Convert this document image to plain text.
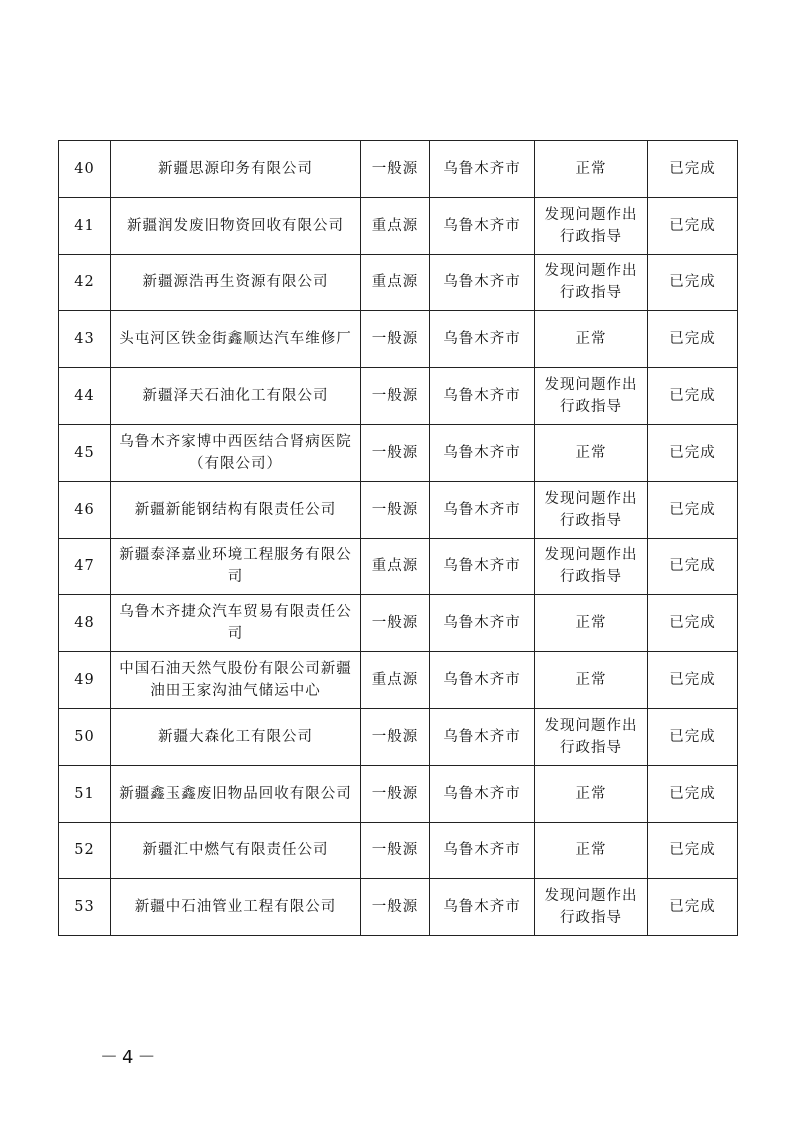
40	新疆思源印务有限公司	一般源	乌鲁木齐市	正常	已完成
41	新疆润发废旧物资回收有限公司	重点源	乌鲁木齐市	发现问题作出行政指导	已完成
42	新疆源浩再生资源有限公司	重点源	乌鲁木齐市	发现问题作出行政指导	已完成
43	头屯河区铁金街鑫顺达汽车维修厂	一般源	乌鲁木齐市	正常	已完成
44	新疆泽天石油化工有限公司	一般源	乌鲁木齐市	发现问题作出行政指导	已完成
45	乌鲁木齐家博中西医结合肾病医院（有限公司）	一般源	乌鲁木齐市	正常	已完成
46	新疆新能钢结构有限责任公司	一般源	乌鲁木齐市	发现问题作出行政指导	已完成
47	新疆泰泽嘉业环境工程服务有限公司	重点源	乌鲁木齐市	发现问题作出行政指导	已完成
48	乌鲁木齐捷众汽车贸易有限责任公司	一般源	乌鲁木齐市	正常	已完成
49	中国石油天然气股份有限公司新疆油田王家沟油气储运中心	重点源	乌鲁木齐市	正常	已完成
50	新疆大森化工有限公司	一般源	乌鲁木齐市	发现问题作出行政指导	已完成
51	新疆鑫玉鑫废旧物品回收有限公司	一般源	乌鲁木齐市	正常	已完成
52	新疆汇中燃气有限责任公司	一般源	乌鲁木齐市	正常	已完成
53	新疆中石油管业工程有限公司	一般源	乌鲁木齐市	发现问题作出行政指导	已完成
－4－
